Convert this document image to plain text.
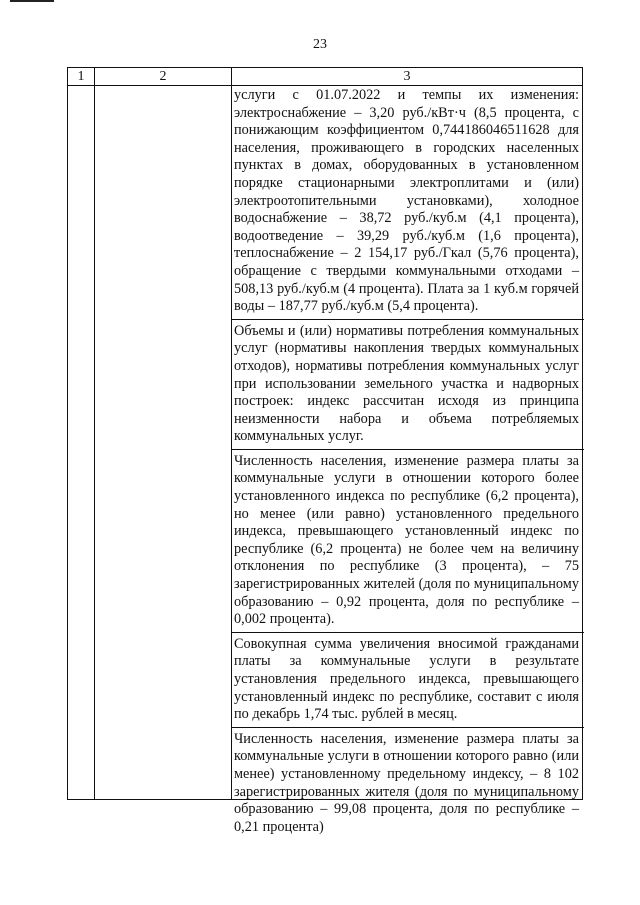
23
1	2	3

услуги с 01.07.2022 и темпы их изменения: электроснабжение – 3,20 руб./кВт·ч (8,5 процента, с понижающим коэффициентом 0,744186046511628 для населения, проживающего в городских населенных пунктах в домах, оборудованных в установленном порядке стационарными электроплитами и (или) электроотопительными установками), холодное водоснабжение – 38,72 руб./куб.м (4,1 процента), водоотведение – 39,29 руб./куб.м (1,6 процента), теплоснабжение – 2 154,17 руб./Гкал (5,76 процента), обращение с твердыми коммунальными отходами – 508,13 руб./куб.м (4 процента). Плата за 1 куб.м горячей воды – 187,77 руб./куб.м (5,4 процента).

Объемы и (или) нормативы потребления коммунальных услуг (нормативы накопления твердых коммунальных отходов), нормативы потребления коммунальных услуг при использовании земельного участка и надворных построек: индекс рассчитан исходя из принципа неизменности набора и объема потребляемых коммунальных услуг.

Численность населения, изменение размера платы за коммунальные услуги в отношении которого более установленного индекса по республике (6,2 процента), но менее (или равно) установленного предельного индекса, превышающего установленный индекс по республике (6,2 процента) не более чем на величину отклонения по республике (3 процента), – 75 зарегистрированных жителей (доля по муниципальному образованию – 0,92 процента, доля по республике – 0,002 процента).

Совокупная сумма увеличения вносимой гражданами платы за коммунальные услуги в результате установления предельного индекса, превышающего установленный индекс по республике, составит с июля по декабрь 1,74 тыс. рублей в месяц.

Численность населения, изменение размера платы за коммунальные услуги в отношении которого равно (или менее) установленному предельному индексу, – 8 102 зарегистрированных жителя (доля по муниципальному образованию – 99,08 процента, доля по республике – 0,21 процента)
